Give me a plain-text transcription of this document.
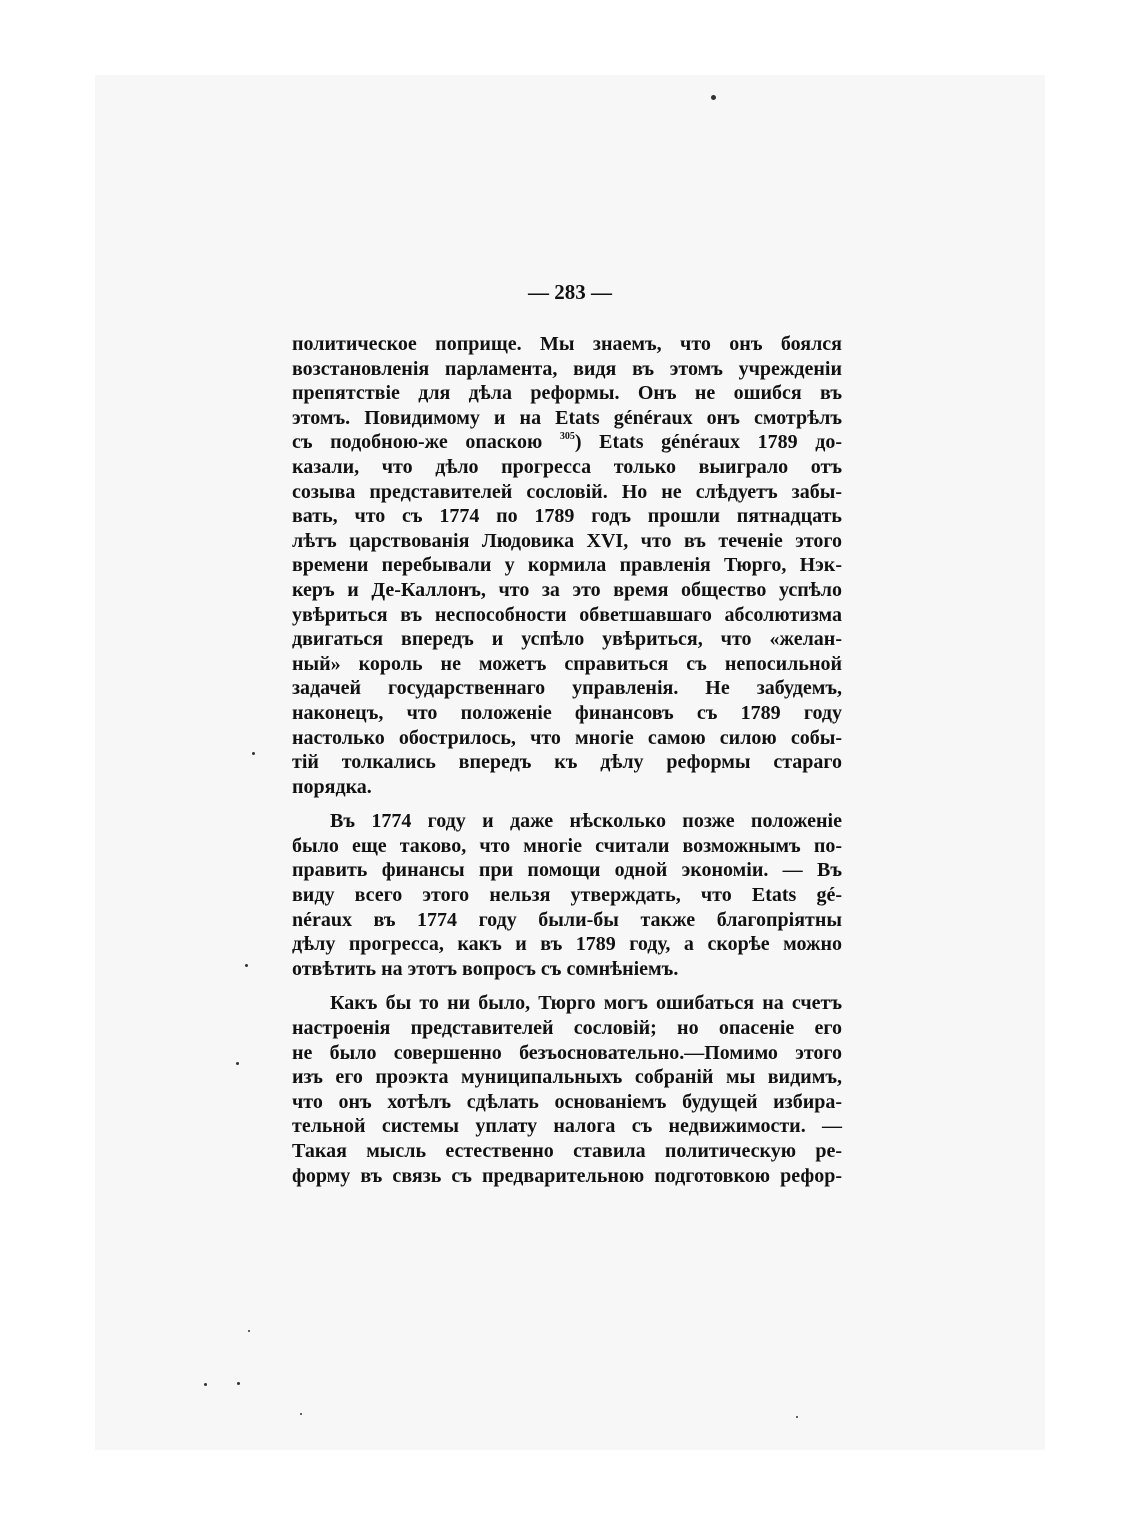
— 283 —
политическое поприще. Мы знаемъ, что онъ боялся
возстановленія парламента, видя въ этомъ учрежденіи
препятствіе для дѣла реформы. Онъ не ошибся въ
этомъ. Повидимому и на Etats généraux онъ смотрѣлъ
съ подобною-же опаскою $^{305}$) Etats généraux 1789 до-
казали, что дѣло прогресса только выиграло отъ
созыва представителей сословій. Но не слѣдуетъ забы-
вать, что съ 1774 по 1789 годъ прошли пятнадцать
лѣтъ царствованія Людовика XVI, что въ теченіе этого
времени перебывали у кормила правленія Тюрго, Нэк-
керъ и Де-Каллонъ, что за это время общество успѣло
увѣриться въ неспособности обветшавшаго абсолютизма
двигаться впередъ и успѣло увѣриться, что «желан-
ный» король не можетъ справиться съ непосильной
задачей государственнаго управленія. Не забудемъ,
наконецъ, что положеніе финансовъ съ 1789 году
настолько обострилось, что многіе самою силою собы-
тій толкались впередъ къ дѣлу реформы стараго
порядка.
Въ 1774 году и даже нѣсколько позже положеніе
было еще таково, что многіе считали возможнымъ по-
править финансы при помощи одной экономіи. — Въ
виду всего этого нельзя утверждать, что Etats gé-
néraux въ 1774 году были-бы также благопріятны
дѣлу прогресса, какъ и въ 1789 году, а скорѣе можно
отвѣтить на этотъ вопросъ съ сомнѣніемъ.
Какъ бы то ни было, Тюрго могъ ошибаться на счетъ
настроенія представителей сословій; но опасеніе его
не было совершенно безъосновательно.—Помимо этого
изъ его проэкта муниципальныхъ собраній мы видимъ,
что онъ хотѣлъ сдѣлать основаніемъ будущей избира-
тельной системы уплату налога съ недвижимости. —
Такая мысль естественно ставила политическую ре-
форму въ связь съ предварительною подготовкою рефор-
